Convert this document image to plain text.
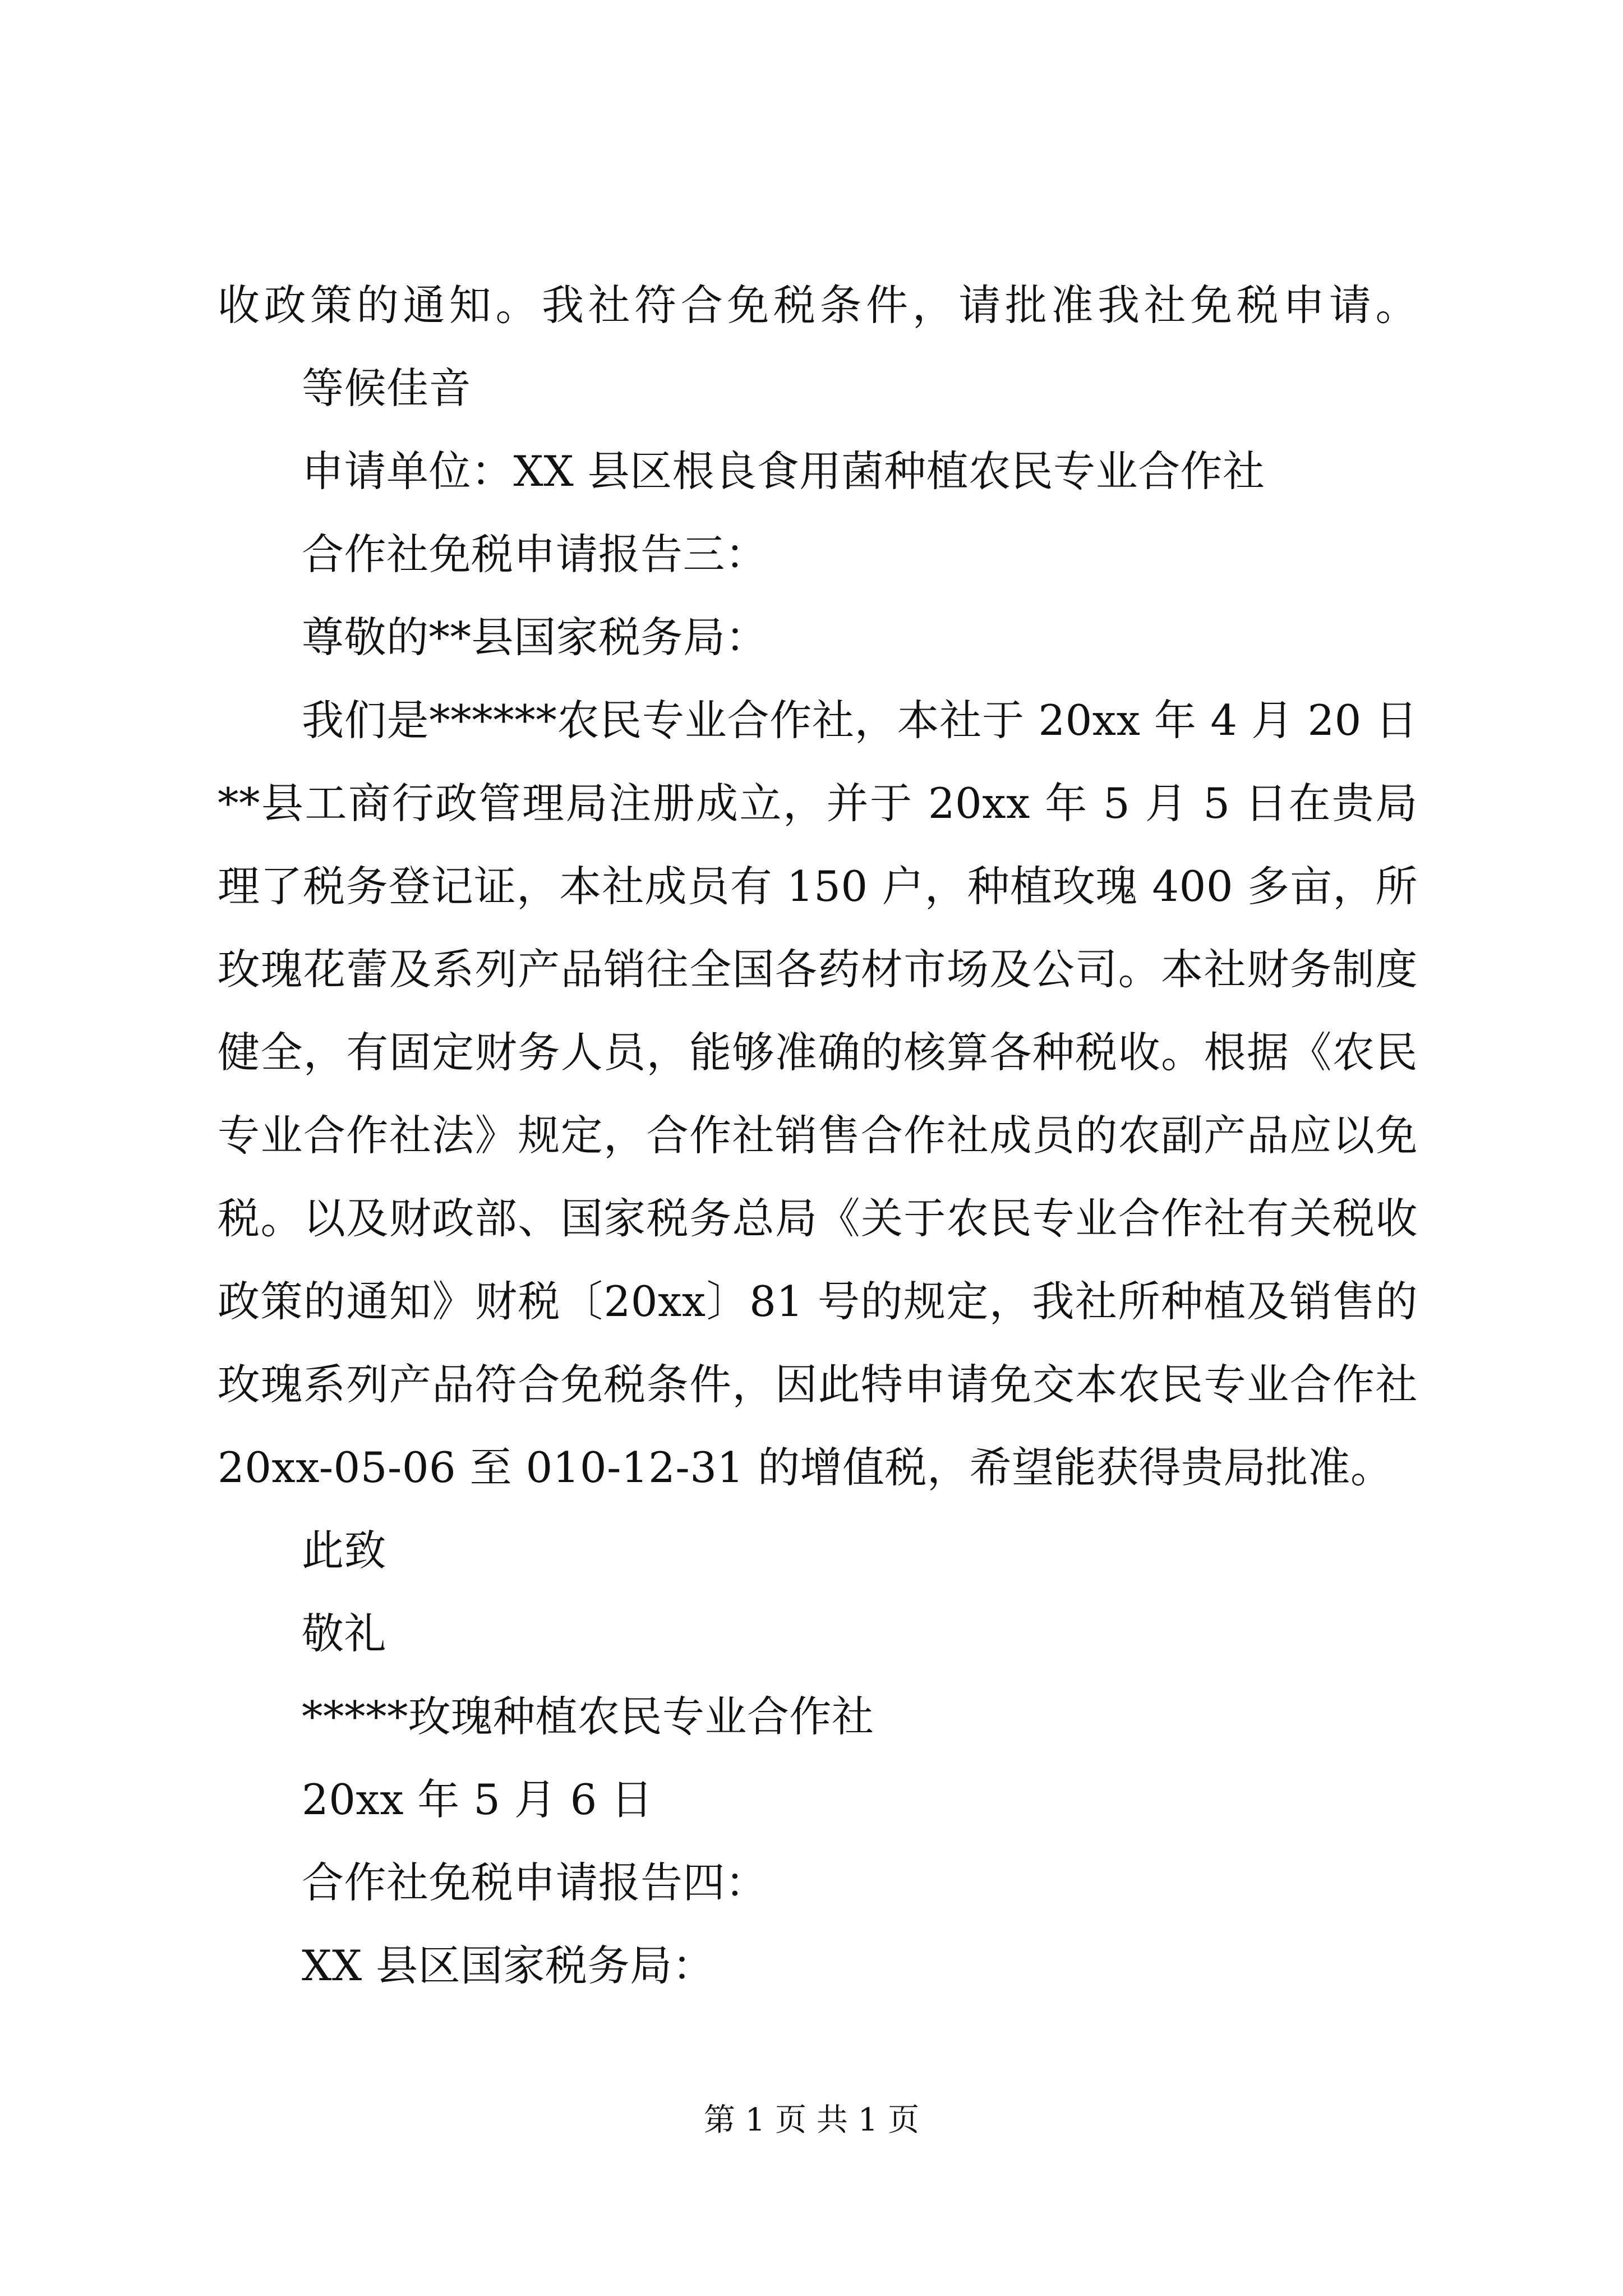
收政策的通知。我社符合免税条件，请批准我社免税申请。
等候佳音
申请单位：XX 县区根良食用菌种植农民专业合作社
合作社免税申请报告三：
尊敬的**县国家税务局：
我们是******农民专业合作社，本社于 20xx 年 4 月 20 日
**县工商行政管理局注册成立，并于 20xx 年 5 月 5 日在贵局
理了税务登记证，本社成员有 150 户，种植玫瑰 400 多亩，所
玫瑰花蕾及系列产品销往全国各药材市场及公司。本社财务制度
健全，有固定财务人员，能够准确的核算各种税收。根据《农民
专业合作社法》规定，合作社销售合作社成员的农副产品应以免
税。以及财政部、国家税务总局《关于农民专业合作社有关税收
政策的通知》财税〔20xx〕81 号的规定，我社所种植及销售的
玫瑰系列产品符合免税条件，因此特申请免交本农民专业合作社
20xx-05-06 至 010-12-31 的增值税，希望能获得贵局批准。
此致
敬礼
*****玫瑰种植农民专业合作社
20xx 年 5 月 6 日
合作社免税申请报告四：
XX 县区国家税务局：
第 1 页 共 1 页
